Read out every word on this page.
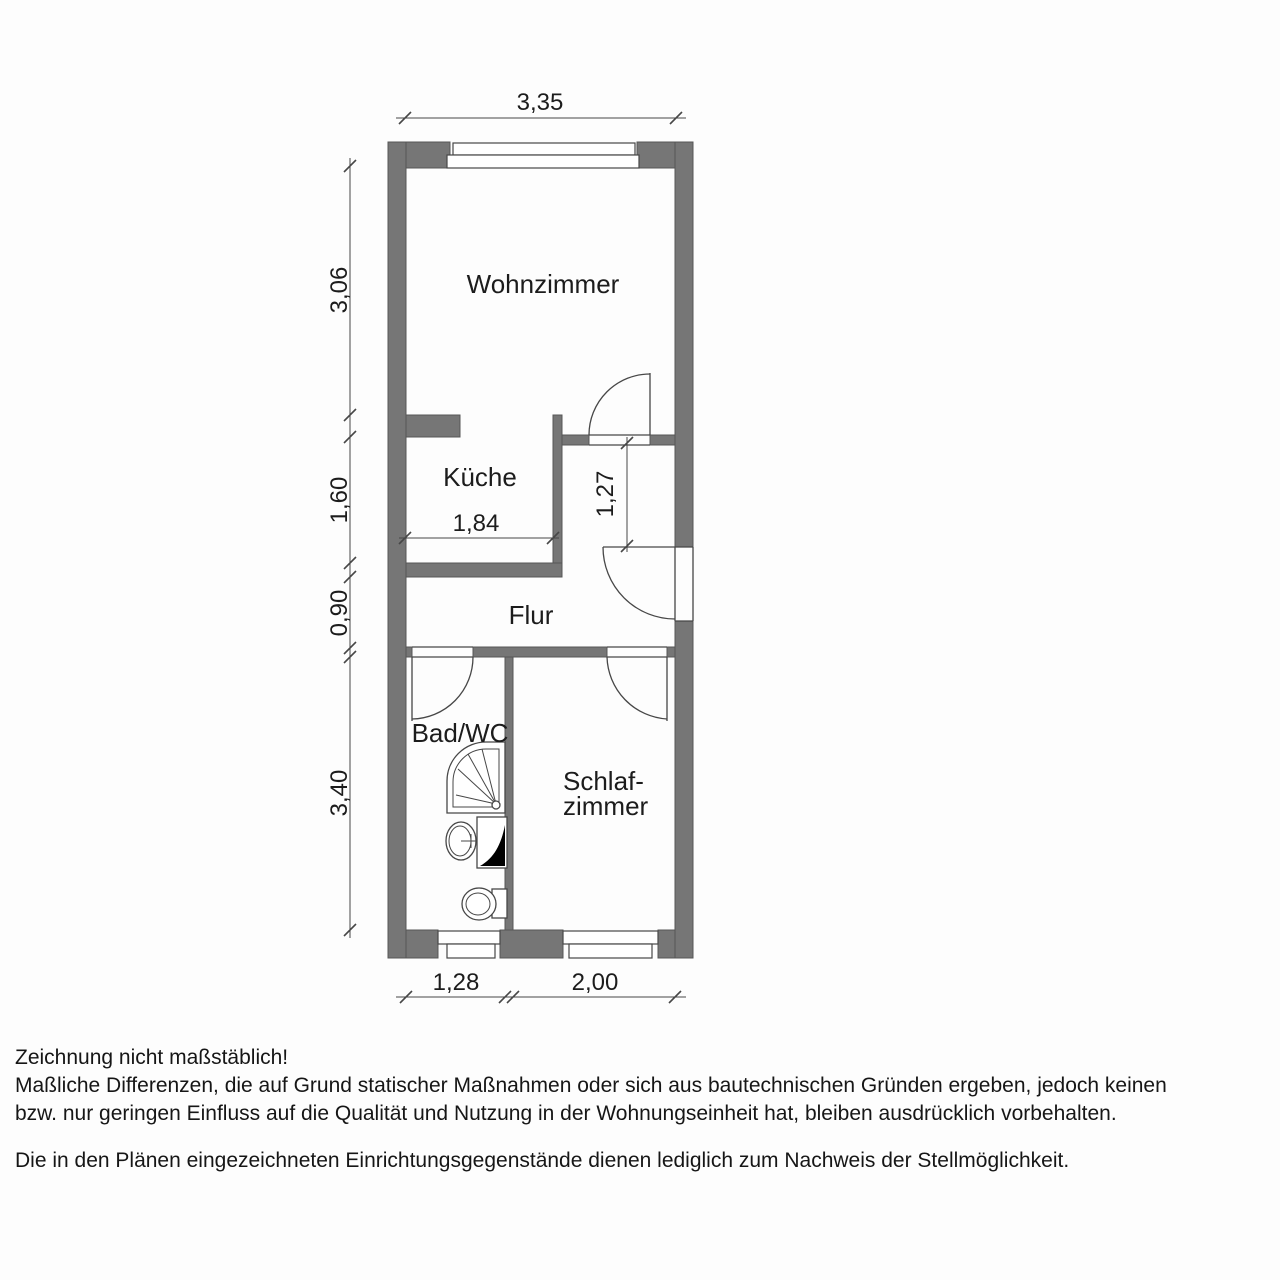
3,35
3,06
1,60
0,90
3,40
1,84
1,27
1,28	2,00
Wohnzimmer
Küche
Flur
Bad/WC
Schlaf-
zimmer
Zeichnung nicht maßstäblich!
Maßliche Differenzen, die auf Grund statischer Maßnahmen oder sich aus bautechnischen Gründen ergeben, jedoch keinen
bzw. nur geringen Einfluss auf die Qualität und Nutzung in der Wohnungseinheit hat, bleiben ausdrücklich vorbehalten.
Die in den Plänen eingezeichneten Einrichtungsgegenstände dienen lediglich zum Nachweis der Stellmöglichkeit.
